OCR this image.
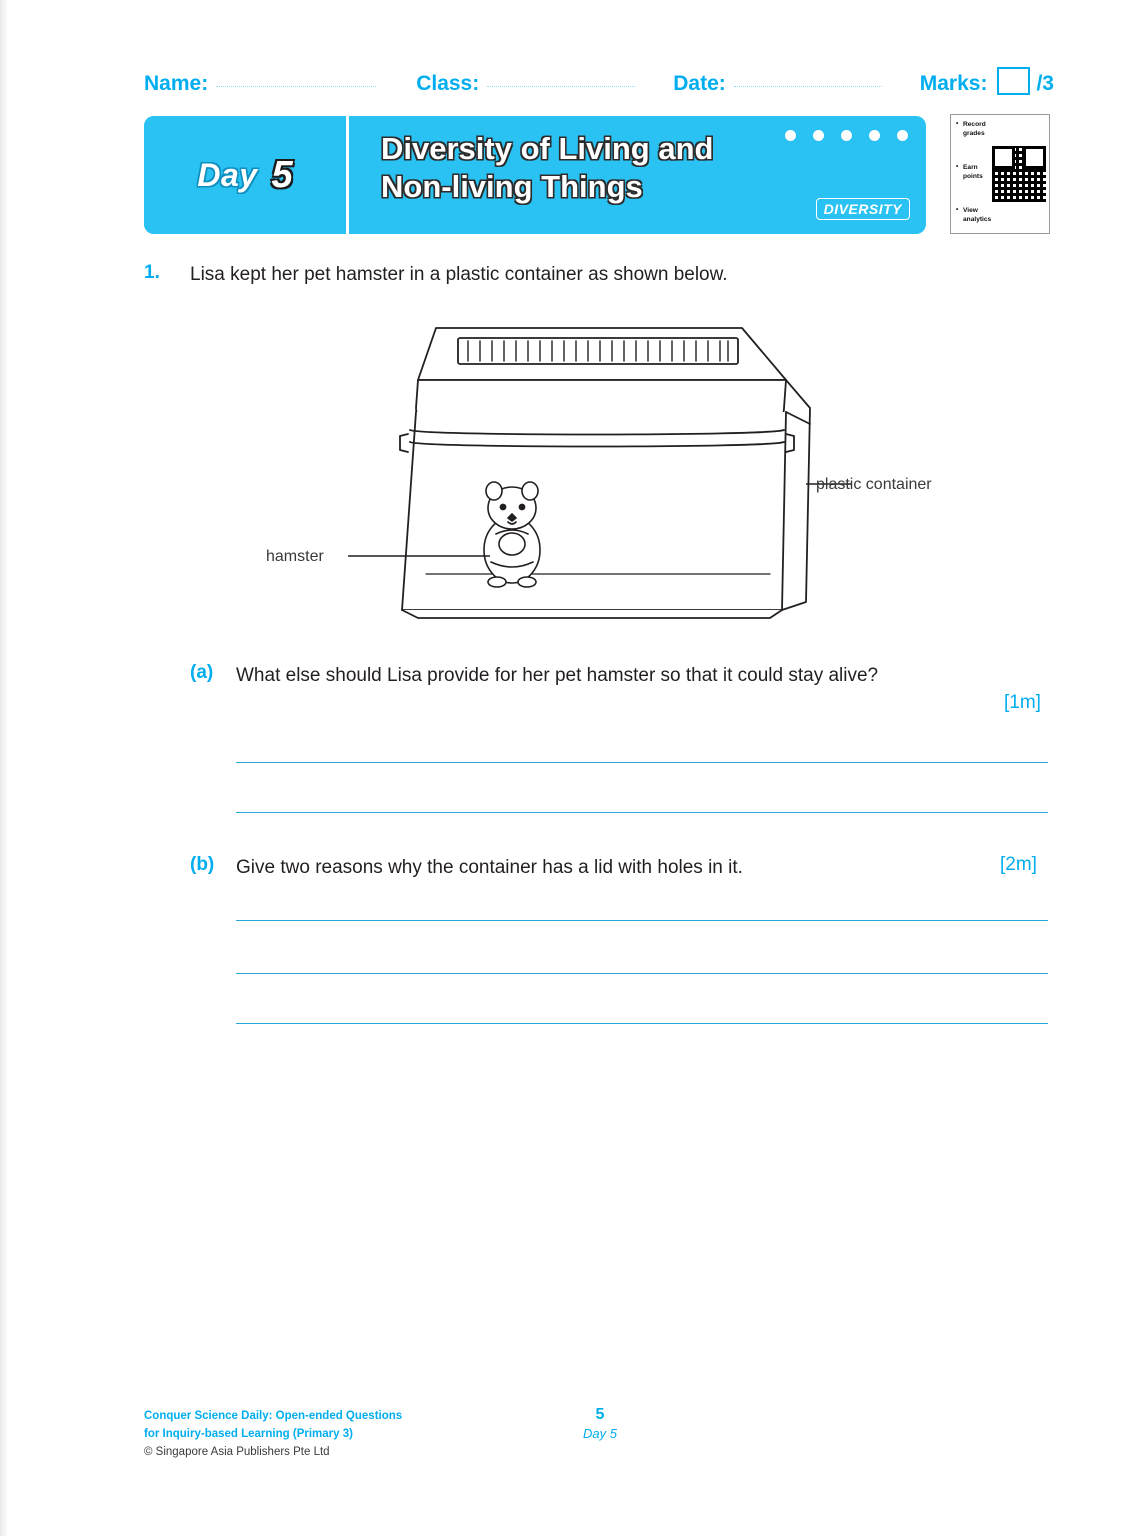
Name:	Class:	Date:	Marks: /3
Day 5
Diversity of Living and
Non-living Things
DIVERSITY
• Record grades
• Earn points
• View analytics
1. Lisa kept her pet hamster in a plastic container as shown below.
plastic container
hamster
(a) What else should Lisa provide for her pet hamster so that it could stay alive?
[1m]
(b) Give two reasons why the container has a lid with holes in it.	[2m]
Conquer Science Daily: Open-ended Questions
for Inquiry-based Learning (Primary 3)
© Singapore Asia Publishers Pte Ltd
5
Day 5
